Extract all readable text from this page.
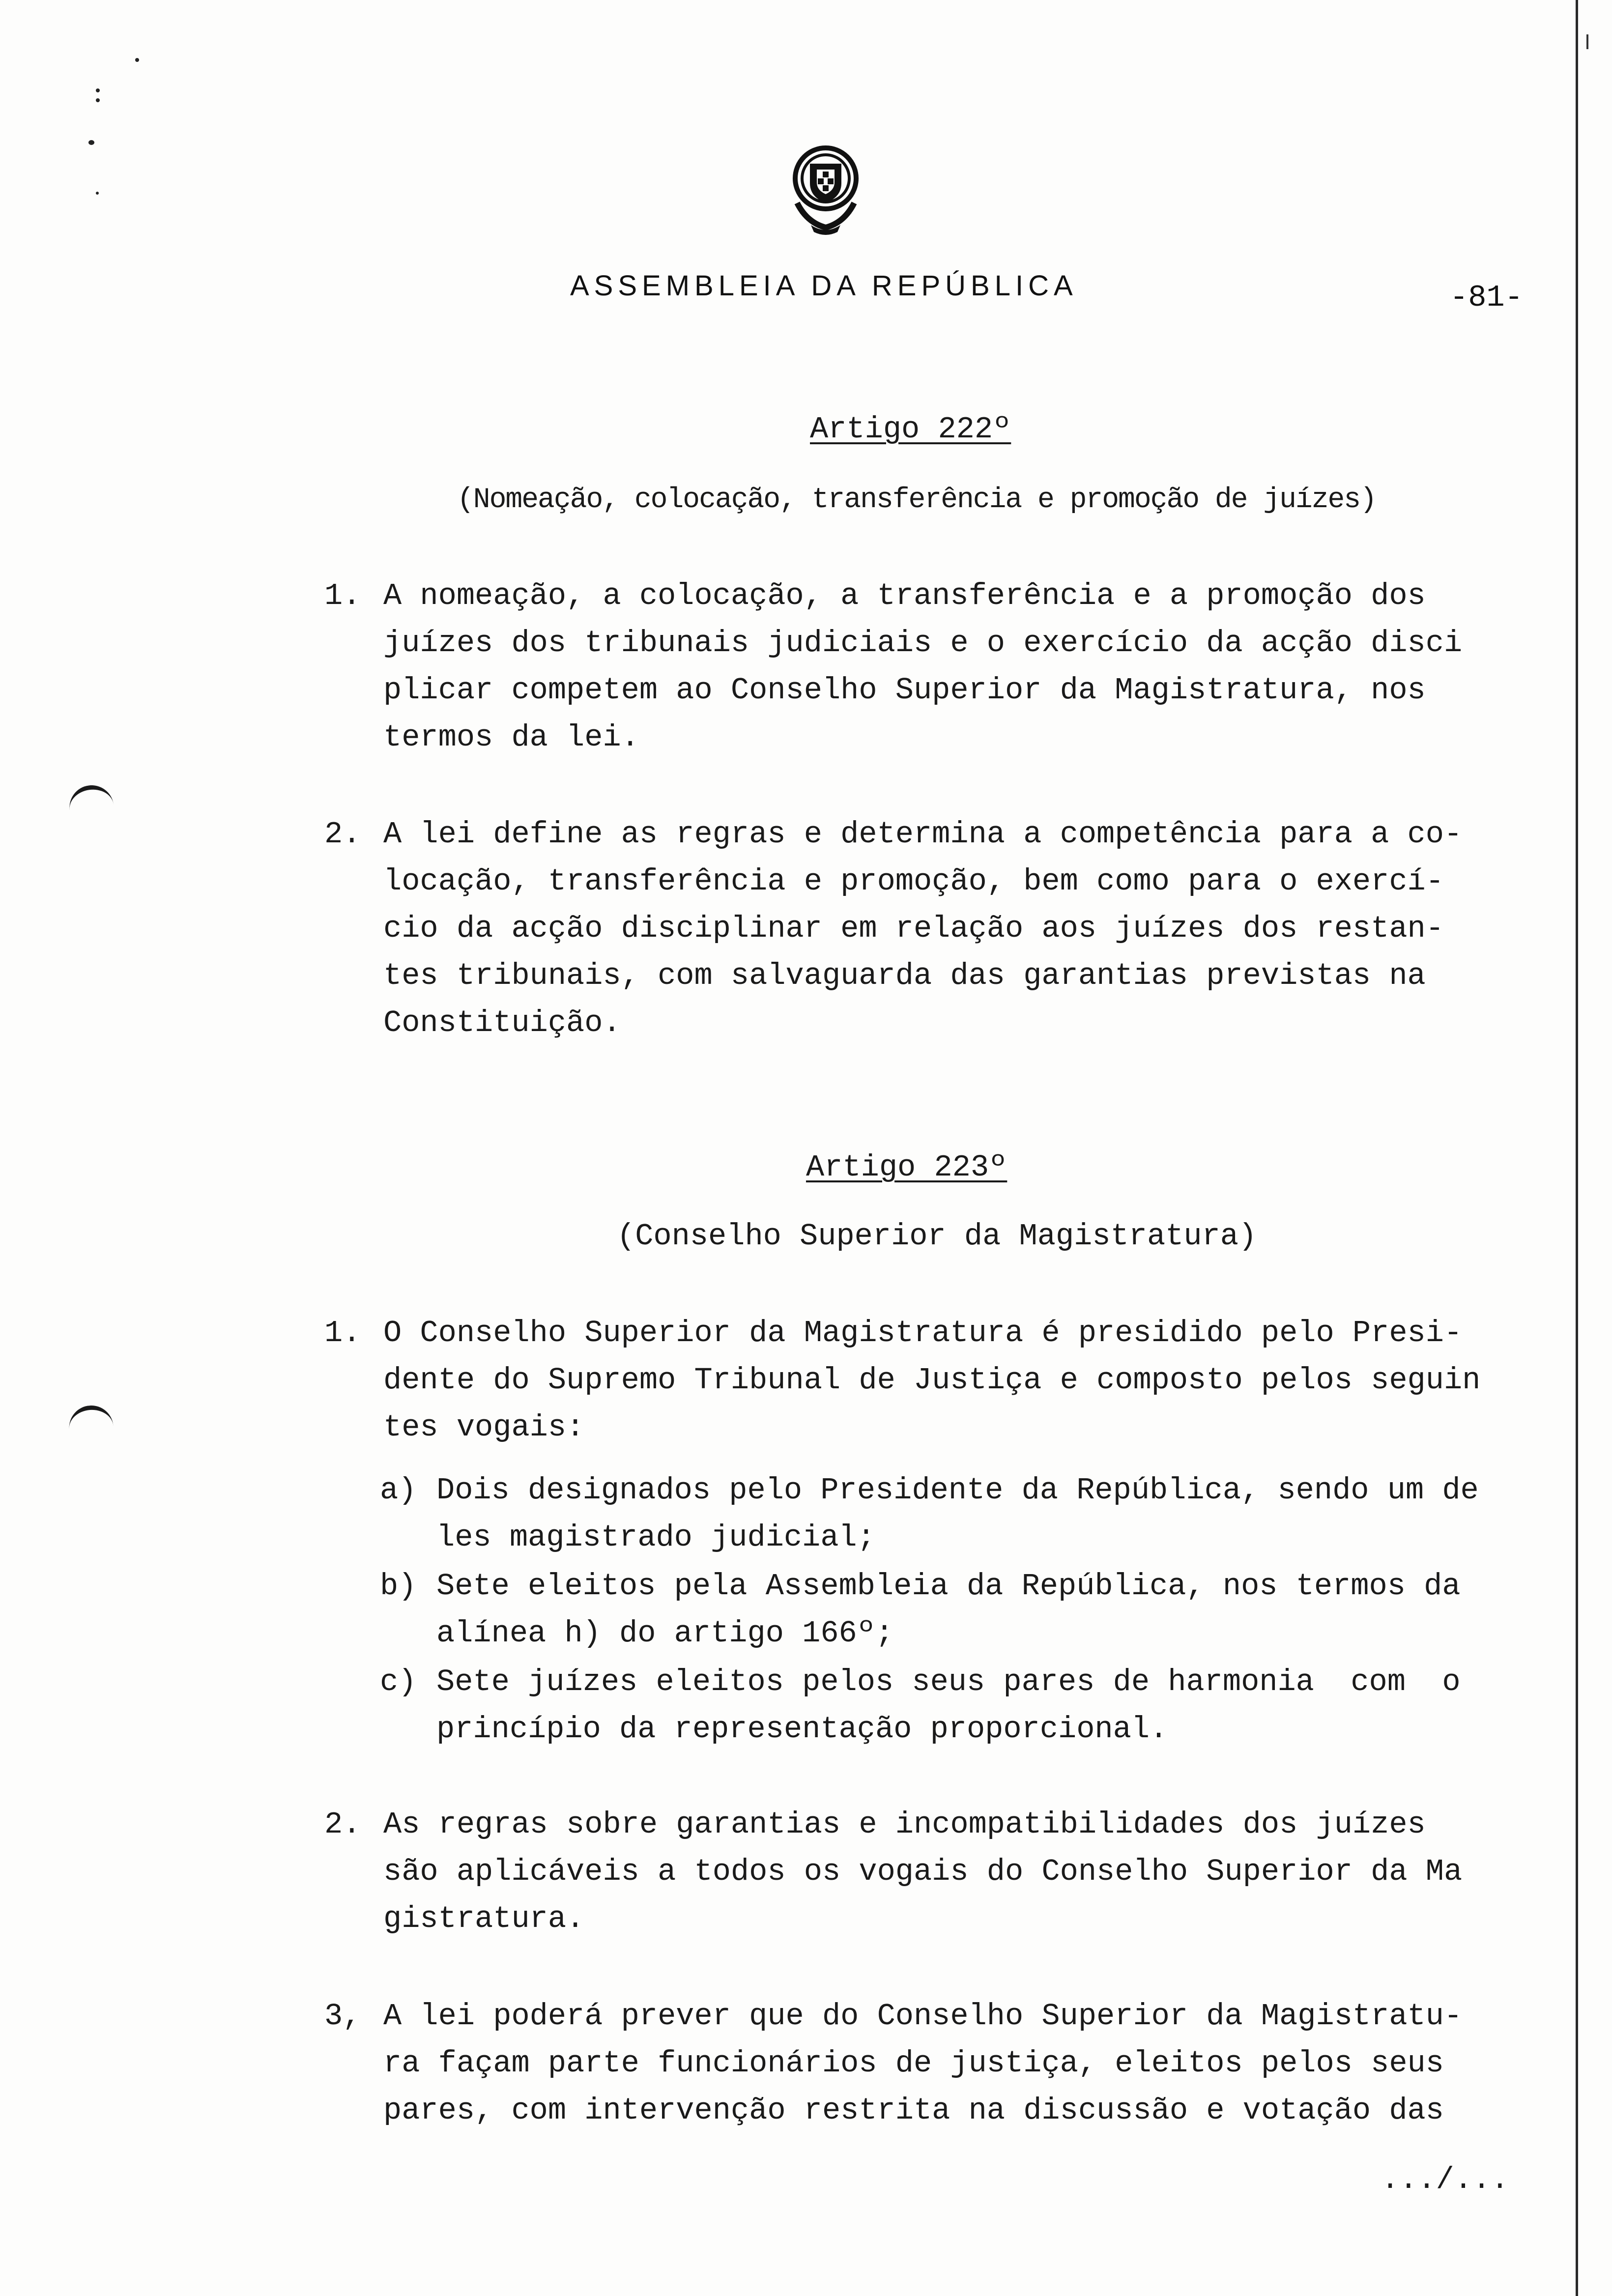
ASSEMBLEIA DA REPÚBLICA	-81-
Artigo 222º
(Nomeação, colocação, transferência e promoção de juízes)
1. A nomeação, a colocação, a transferência e a promoção dos
juízes dos tribunais judiciais e o exercício da acção disci
plicar competem ao Conselho Superior da Magistratura, nos
termos da lei.
2. A lei define as regras e determina a competência para a co-
locação, transferência e promoção, bem como para o exercí-
cio da acção disciplinar em relação aos juízes dos restan-
tes tribunais, com salvaguarda das garantias previstas na
Constituição.
Artigo 223º
(Conselho Superior da Magistratura)
1. O Conselho Superior da Magistratura é presidido pelo Presi-
dente do Supremo Tribunal de Justiça e composto pelos seguin
tes vogais:
a) Dois designados pelo Presidente da República, sendo um de
les magistrado judicial;
b) Sete eleitos pela Assembleia da República, nos termos da
alínea h) do artigo 166º;
c) Sete juízes eleitos pelos seus pares de harmonia  com  o
princípio da representação proporcional.
2. As regras sobre garantias e incompatibilidades dos juízes
são aplicáveis a todos os vogais do Conselho Superior da Ma
gistratura.
3, A lei poderá prever que do Conselho Superior da Magistratu-
ra façam parte funcionários de justiça, eleitos pelos seus
pares, com intervenção restrita na discussão e votação das
.../...
